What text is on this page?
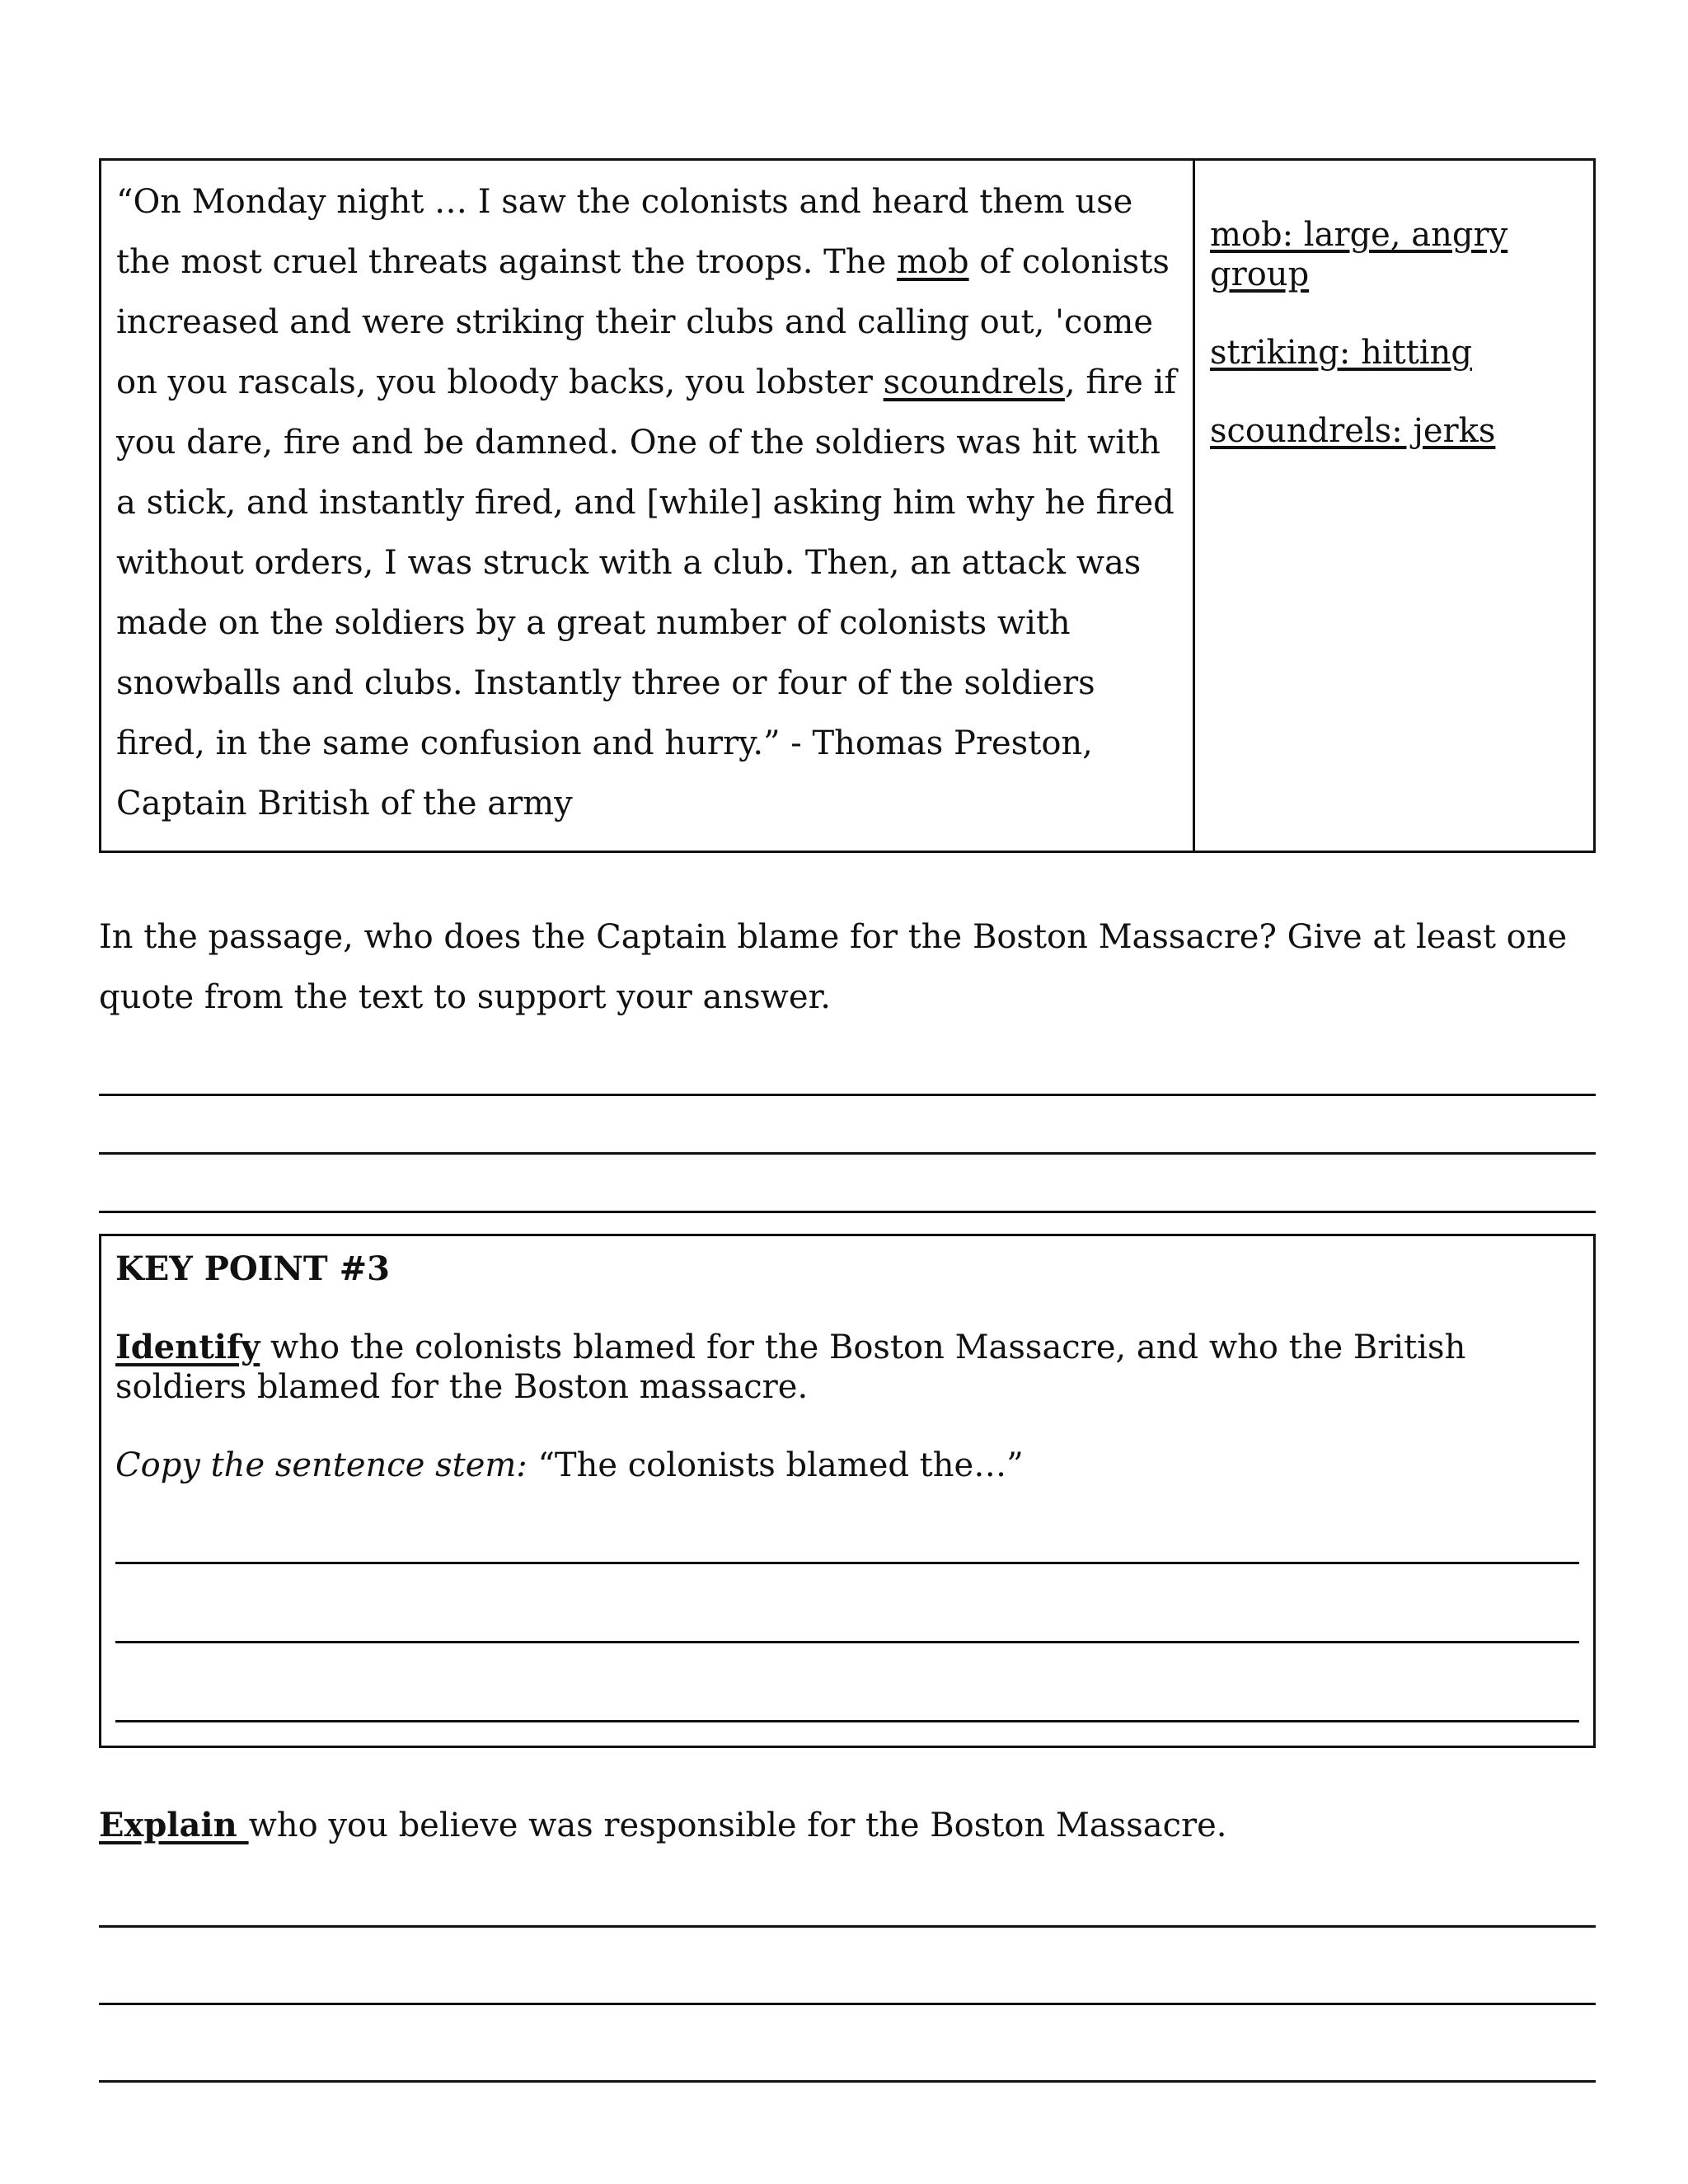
“On Monday night … I saw the colonists and heard them use the most cruel threats against the troops. The mob of colonists increased and were striking their clubs and calling out, 'come on you rascals, you bloody backs, you lobster scoundrels, fire if you dare, fire and be damned. One of the soldiers was hit with a stick, and instantly fired, and [while] asking him why he fired without orders, I was struck with a club. Then, an attack was made on the soldiers by a great number of colonists with snowballs and clubs. Instantly three or four of the soldiers fired, in the same confusion and hurry.” - Thomas Preston, Captain British of the army
mob: large, angry group
striking: hitting
scoundrels: jerks
In the passage, who does the Captain blame for the Boston Massacre? Give at least one quote from the text to support your answer.
KEY POINT #3
Identify who the colonists blamed for the Boston Massacre, and who the British soldiers blamed for the Boston massacre.
Copy the sentence stem: “The colonists blamed the…”
Explain who you believe was responsible for the Boston Massacre.
